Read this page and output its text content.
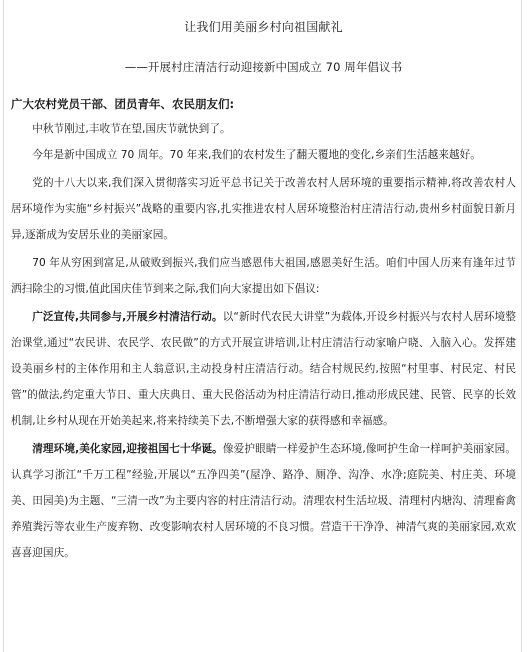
让我们用美丽乡村向祖国献礼

——开展村庄清洁行动迎接新中国成立 70 周年倡议书

广大农村党员干部、团员青年、农民朋友们:

中秋节刚过,丰收节在望,国庆节就快到了。

今年是新中国成立 70 周年。70 年来,我们的农村发生了翻天覆地的变化,乡亲们生活越来越好。

党的十八大以来,我们深入贯彻落实习近平总书记关于改善农村人居环境的重要指示精神,将改善农村人居环境作为实施“乡村振兴”战略的重要内容,扎实推进农村人居环境整治村庄清洁行动,贵州乡村面貌日新月异,逐渐成为安居乐业的美丽家园。

70 年从穷困到富足,从破败到振兴,我们应当感恩伟大祖国,感恩美好生活。咱们中国人历来有逢年过节洒扫除尘的习惯,值此国庆佳节到来之际,我们向大家提出如下倡议:

广泛宣传,共同参与,开展乡村清洁行动。以“新时代农民大讲堂”为载体,开设乡村振兴与农村人居环境整治课堂,通过“农民讲、农民学、农民做”的方式开展宣讲培训,让村庄清洁行动家喻户晓、入脑入心。发挥建设美丽乡村的主体作用和主人翁意识,主动投身村庄清洁行动。结合村规民约,按照“村里事、村民定、村民管”的做法,约定重大节日、重大庆典日、重大民俗活动为村庄清洁行动日,推动形成民建、民管、民享的长效机制,让乡村从现在开始美起来,将来持续美下去,不断增强大家的获得感和幸福感。

清理环境,美化家园,迎接祖国七十华诞。像爱护眼睛一样爱护生态环境,像呵护生命一样呵护美丽家园。认真学习浙江“千万工程”经验,开展以“五净四美”(屋净、路净、厕净、沟净、水净;庭院美、村庄美、环境美、田园美)为主题、“三清一改”为主要内容的村庄清洁行动。清理农村生活垃圾、清理村内塘沟、清理畜禽养殖粪污等农业生产废弃物、改变影响农村人居环境的不良习惯。营造干干净净、神清气爽的美丽家园,欢欢喜喜迎国庆。
